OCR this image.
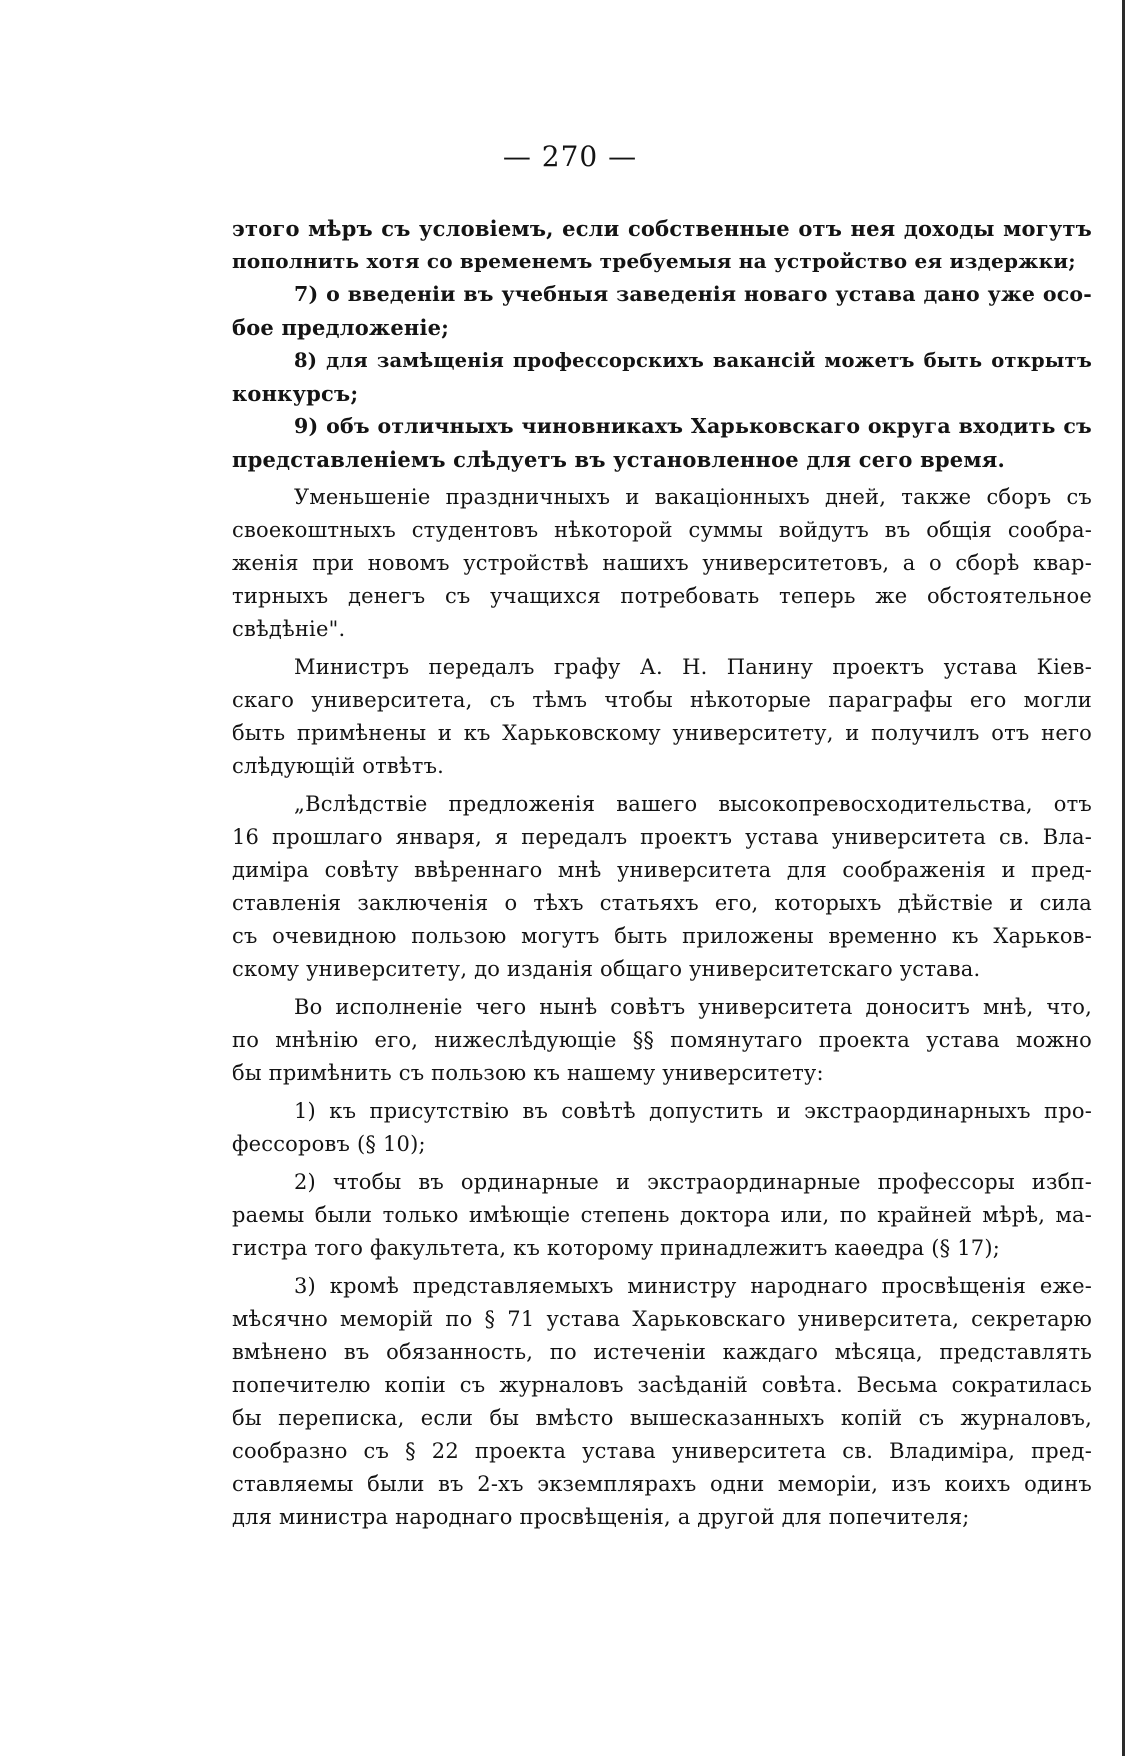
— 270 —
этого мѣръ съ условіемъ, если собственные отъ нея доходы могутъ
пополнить хотя со временемъ требуемыя на устройство ея издержки;
7) о введеніи въ учебныя заведенія новаго устава дано уже осо-
бое предложеніе;
8) для замѣщенія профессорскихъ вакансій можетъ быть открытъ
конкурсъ;
9) объ отличныхъ чиновникахъ Харьковскаго округа входить съ
представленіемъ слѣдуетъ въ установленное для сего время.
Уменьшеніе праздничныхъ и вакаціонныхъ дней, также сборъ съ
своекоштныхъ студентовъ нѣкоторой суммы войдутъ въ общія сообра-
женія при новомъ устройствѣ нашихъ университетовъ, а о сборѣ квар-
тирныхъ денегъ съ учащихся потребовать теперь же обстоятельное
свѣдѣніе".
Министръ передалъ графу А. Н. Панину проектъ устава Кiев-
скаго университета, съ тѣмъ чтобы нѣкоторые параграфы его могли
быть примѣнены и къ Харьковскому университету, и получилъ отъ него
слѣдующій отвѣтъ.
„Вслѣдствіе предложенія вашего высокопревосходительства, отъ
16 прошлаго января, я передалъ проектъ устава университета св. Вла-
диміра совѣту ввѣреннаго мнѣ университета для соображенія и пред-
ставленія заключенія о тѣхъ статьяхъ его, которыхъ дѣйствіе и сила
съ очевидною пользою могутъ быть приложены временно къ Харьков-
скому университету, до изданія общаго университетскаго устава.
Во исполненіе чего нынѣ совѣтъ университета доноситъ мнѣ, что,
по мнѣнію его, нижеслѣдующіе §§ помянутаго проекта устава можно
бы примѣнить съ пользою къ нашему университету:
1) къ присутствію въ совѣтѣ допустить и экстраординарныхъ про-
фессоровъ (§ 10);
2) чтобы въ ординарные и экстраординарные профессоры избп-
раемы были только имѣющіе степень доктора или, по крайней мѣрѣ, ма-
гистра того факультета, къ которому принадлежитъ каѳедра (§ 17);
3) кромѣ представляемыхъ министру народнаго просвѣщенія еже-
мѣсячно меморій по § 71 устава Харьковскаго университета, секретарю
вмѣнено въ обязанность, по истеченіи каждаго мѣсяца, представлять
попечителю копіи съ журналовъ засѣданій совѣта. Весьма сократилась
бы переписка, если бы вмѣсто вышесказанныхъ копій съ журналовъ,
сообразно съ § 22 проекта устава университета св. Владиміра, пред-
ставляемы были въ 2-хъ экземплярахъ одни меморіи, изъ коихъ одинъ
для министра народнаго просвѣщенія, а другой для попечителя;
